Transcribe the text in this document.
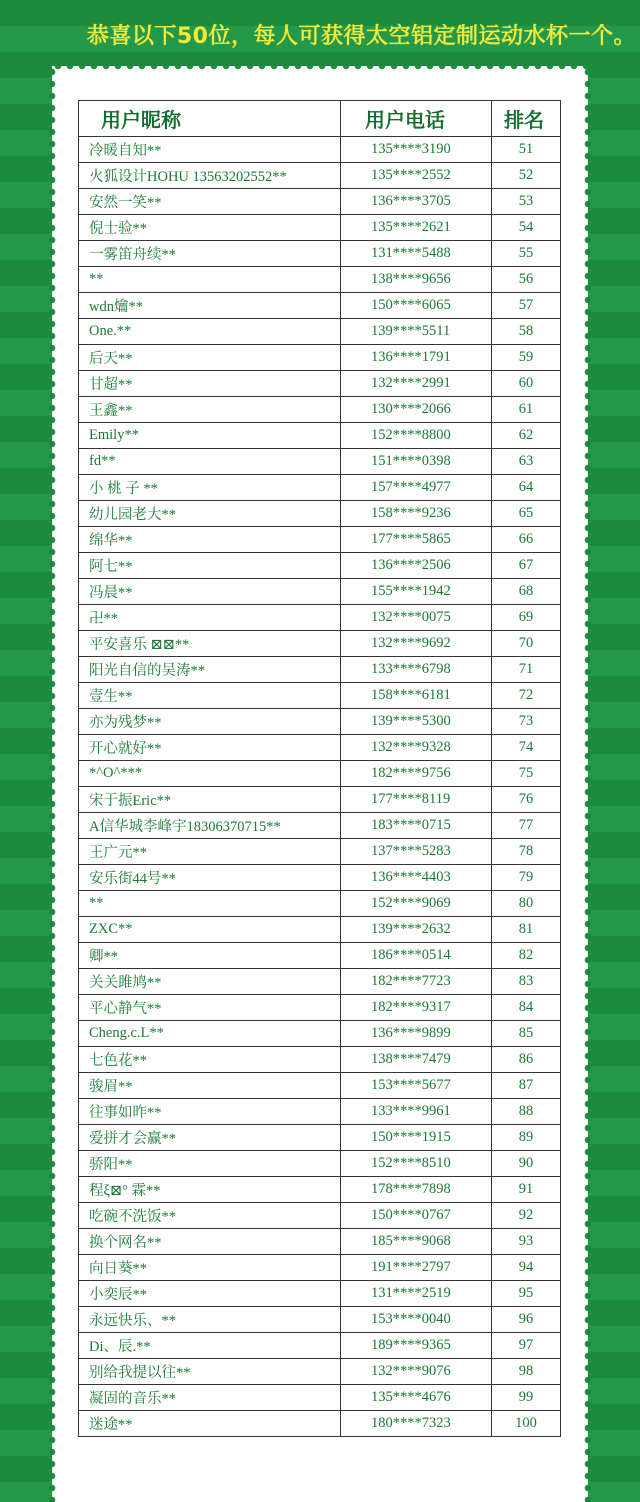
恭喜以下50位，每人可获得太空铝定制运动水杯一个。
用户昵称	用户电话	排名
冷暖自知**	135****3190	51
火狐设计HOHU 13563202552**	135****2552	52
安然一笑**	136****3705	53
倪士验**	135****2621	54
一雾笛舟续**	131****5488	55
**	138****9656	56
wdn爚**	150****6065	57
One.**	139****5511	58
后天**	136****1791	59
甘超**	132****2991	60
王鑫**	130****2066	61
Emily**	152****8800	62
fd**	151****0398	63
小 桃 子 **	157****4977	64
幼儿园老大**	158****9236	65
绵华**	177****5865	66
阿七**	136****2506	67
冯晨**	155****1942	68
卍**	132****0075	69
平安喜乐 ⊠⊠**	132****9692	70
阳光自信的吴涛**	133****6798	71
壹生**	158****6181	72
亦为残梦**	139****5300	73
开心就好**	132****9328	74
*^O^***	182****9756	75
宋于振Eric**	177****8119	76
A信华城李峰宇18306370715**	183****0715	77
王广元**	137****5283	78
安乐街44号**	136****4403	79
**	152****9069	80
ZXC**	139****2632	81
卿**	186****0514	82
关关雎鸠**	182****7723	83
平心静气**	182****9317	84
Cheng.c.L**	136****9899	85
七色花**	138****7479	86
骏眉**	153****5677	87
往事如昨**	133****9961	88
爱拼才会赢**	150****1915	89
骄阳**	152****8510	90
程ξ⊠° 霖**	178****7898	91
吃碗不洗饭**	150****0767	92
换个网名**	185****9068	93
向日葵**	191****2797	94
小奕辰**	131****2519	95
永远快乐、**	153****0040	96
Di、辰.**	189****9365	97
别给我提以往**	132****9076	98
凝固的音乐**	135****4676	99
迷途**	180****7323	100
